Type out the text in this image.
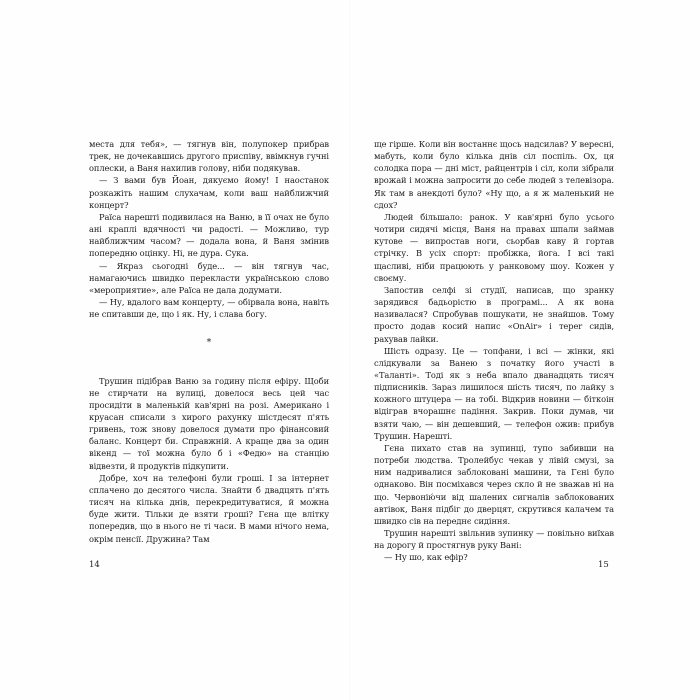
места для тебя», — тягнув він, полупокер прибрав трек, не дочекавшись другого приспіву, ввімкнув гучні оплески, а Ваня нахилив голову, ніби подякував.

— З вами був Йоан, дякуємо йому! І наостанок розкажіть нашим слухачам, коли ваш найближчий концерт?

Раїса нарешті подивилася на Ваню, в її очах не було ані краплі вдячності чи радості. — Можливо, тур найближчим часом? — додала вона, й Ваня змінив попередню оцінку. Ні, не дура. Сука.

— Якраз сьогодні буде... — він тягнув час, намагаючись швидко перекласти українською слово «мероприятие», але Раїса не дала додумати.

— Ну, вдалого вам концерту, — обірвала вона, навіть не спитавши де, що і як. Ну, і слава богу.

*

Трушин підібрав Ваню за годину після ефіру. Щоби не стирчати на вулиці, довелося весь цей час просидіти в маленькій кав'ярні на розі. Американо і круасан списали з хирого рахунку шістдесят п'ять гривень, тож знову довелося думати про фінансовий баланс. Концерт би. Справжній. А краще два за один вікенд — тої можна було б і «Федю» на станцію відвезти, й продуктів підкупити.

Добре, хоч на телефоні були гроші. І за інтернет сплачено до десятого числа. Знайти б двадцять п'ять тисяч на кілька днів, перекредитуватися, й можна буде жити. Тільки де взяти гроші? Гєна ще влітку попередив, що в нього не ті часи. В мами нічого нема, окрім пенсії. Дружина? Там

ще гірше. Коли він востаннє щось надсилав? У вересні, мабуть, коли було кілька днів сіл поспіль. Ох, ця солодка пора — дні міст, райцентрів і сіл, коли зібрали врожай і можна запросити до себе людей з телевізора. Як там в анекдоті було? «Ну що, а я ж маленький не сдох?

Людей більшало: ранок. У кав'ярні було усього чотири сидячі місця, Ваня на правах шпали займав кутове — випростав ноги, сьорбав каву й гортав стрічку. В усіх спорт: пробіжка, йога. І всі такі щасливі, ніби працюють у ранковому шоу. Кожен у своєму.

Запостив селфі зі студії, написав, що зранку зарядився бадьорістю в програмі... А як вона називалася? Спробував пошукати, не знайшов. Тому просто додав косий напис «OnAir» і теper сидів, рахував лайки.

Шість одразу. Це — топфани, і всі — жінки, які слідкували за Ванею з початку його участі в «Таланті». Тоді як з неба впало дванадцять тисяч підписників. Зараз лишилося шість тисяч, по лайку з кожного штуцера — на тобі. Відкрив новини — біткоін відіграв вчорашнє падіння. Закрив. Поки думав, чи взяти чаю, — він дешевший, — телефон ожив: прибув Трушин. Нарешті.

Гєна пихато став на зупинці, тупо забивши на потреби людства. Тролейбус чекав у лівій смузі, за ним надривалися заблоковані машини, та Гєні було однаково. Він посміхався через скло й не зважав ні на що. Червонію́чи від шалених сигналів заблокованих автівок, Ваня підбіг до дверцят, скрутився калачем та швидко сів на переднє сидіння.

Трушин нарешті звільнив зупинку — повільно виїхав на дорогу й простягнув руку Вані:

— Ну шо, как ефір?

14	15
